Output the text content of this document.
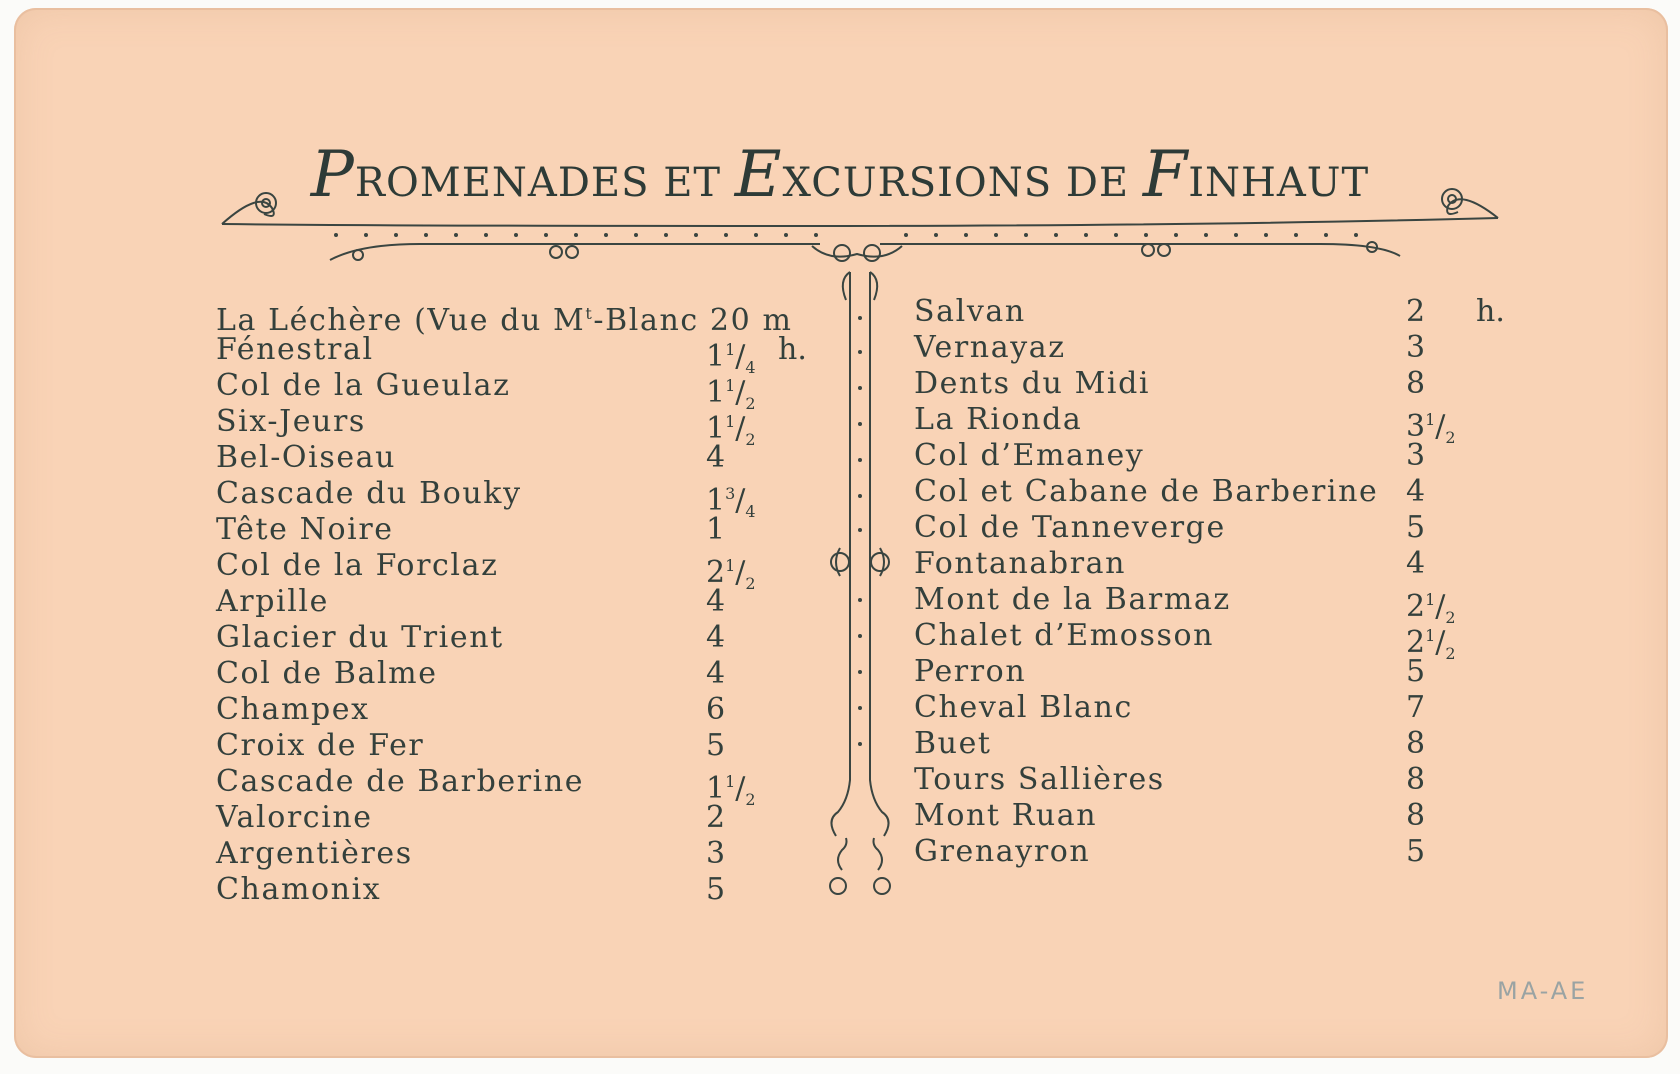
PROMENADES ET EXCURSIONS DE FINHAUT
La Léchère (Vue du $M^t$-Blanc 20 m
Fénestral	$1^1/_4$
h.
Col de la Gueulaz	$1^1/_2$
Six-Jeurs	$1^1/_2$
Bel-Oiseau	4
Cascade du Bouky	$1^3/_4$
Tête Noire	1
Col de la Forclaz	$2^1/_2$
Arpille	4
Glacier du Trient	4
Col de Balme	4
Champex	6
Croix de Fer	5
Cascade de Barberine	$1^1/_2$
Valorcine	2
Argentières	3
Chamonix	5
Salvan	2 h.
Vernayaz	3
Dents du Midi	8
La Rionda	$3^1/_2$
Col d’Emaney	3
Col et Cabane de Barberine 4
Col de Tanneverge	5
Fontanabran	4
Mont de la Barmaz	$2^1/_2$
Chalet d’Emosson	$2^1/_2$
Perron	5
Cheval Blanc	7
Buet	8
Tours Sallières	8
Mont Ruan	8
Grenayron	5
MA-AE
